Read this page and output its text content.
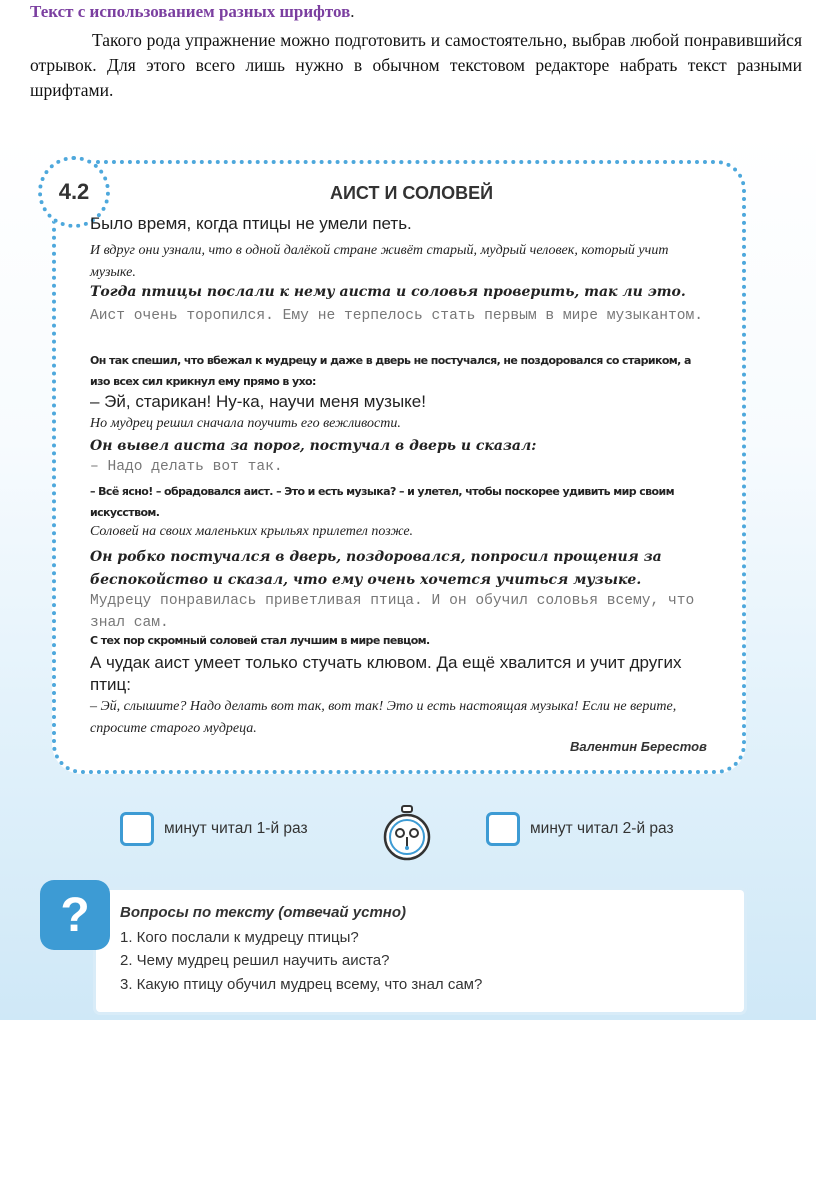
Текст с использованием разных шрифтов.
Такого рода упражнение можно подготовить и самостоятельно, выбрав любой понравившийся отрывок. Для этого всего лишь нужно в обычном текстовом редакторе набрать текст разными шрифтами.
4.2	АИСТ И СОЛОВЕЙ

Было время, когда птицы не умели петь.

И вдруг они узнали, что в одной далёкой стране живёт старый, мудрый человек, который учит музыке.

Тогда птицы послали к нему аиста и соловья проверить, так ли это.

Аист очень торопился. Ему не терпелось стать первым в мире музыкантом.

Он так спешил, что вбежал к мудрецу и даже в дверь не постучался, не поздоровался со стариком, а изо всех сил крикнул ему прямо в ухо:

– Эй, старикан! Ну-ка, научи меня музыке!

Но мудрец решил сначала поучить его вежливости.

Он вывел аиста за порог, постучал в дверь и сказал:

– Надо делать вот так.

– Всё ясно! – обрадовался аист. – Это и есть музыка? – и улетел, чтобы поскорее удивить мир своим искусством.

Соловей на своих маленьких крыльях прилетел позже.

Он робко постучался в дверь, поздоровался, попросил прощения за беспокойство и сказал, что ему очень хочется учиться музыке.

Мудрецу понравилась приветливая птица. И он обучил соловья всему, что знал сам.

С тех пор скромный соловей стал лучшим в мире певцом.

А чудак аист умеет только стучать клювом. Да ещё хвалится и учит других птиц:

– Эй, слышите? Надо делать вот так, вот так! Это и есть настоящая музыка! Если не верите, спросите старого мудреца.

Валентин Берестов
минут читал 1-й раз	минут читал 2-й раз
?	Вопросы по тексту (отвечай устно)
1. Кого послали к мудрецу птицы?
2. Чему мудрец решил научить аиста?
3. Какую птицу обучил мудрец всему, что знал сам?
